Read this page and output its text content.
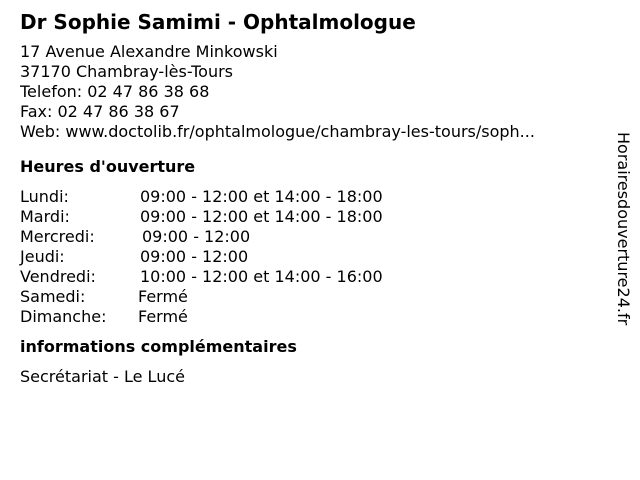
Dr Sophie Samimi - Ophtalmologue
17 Avenue Alexandre Minkowski
37170 Chambray-lès-Tours
Telefon: 02 47 86 38 68
Fax: 02 47 86 38 67
Web: www.doctolib.fr/ophtalmologue/chambray-les-tours/soph...
Heures d'ouverture
Lundi:	09:00 - 12:00 et 14:00 - 18:00
Mardi:	09:00 - 12:00 et 14:00 - 18:00
Mercredi:	09:00 - 12:00
Jeudi:	09:00 - 12:00
Vendredi:	10:00 - 12:00 et 14:00 - 16:00
Samedi:	Fermé
Dimanche:	Fermé
informations complémentaires
Secrétariat - Le Lucé
Horairesdouverture24.fr
